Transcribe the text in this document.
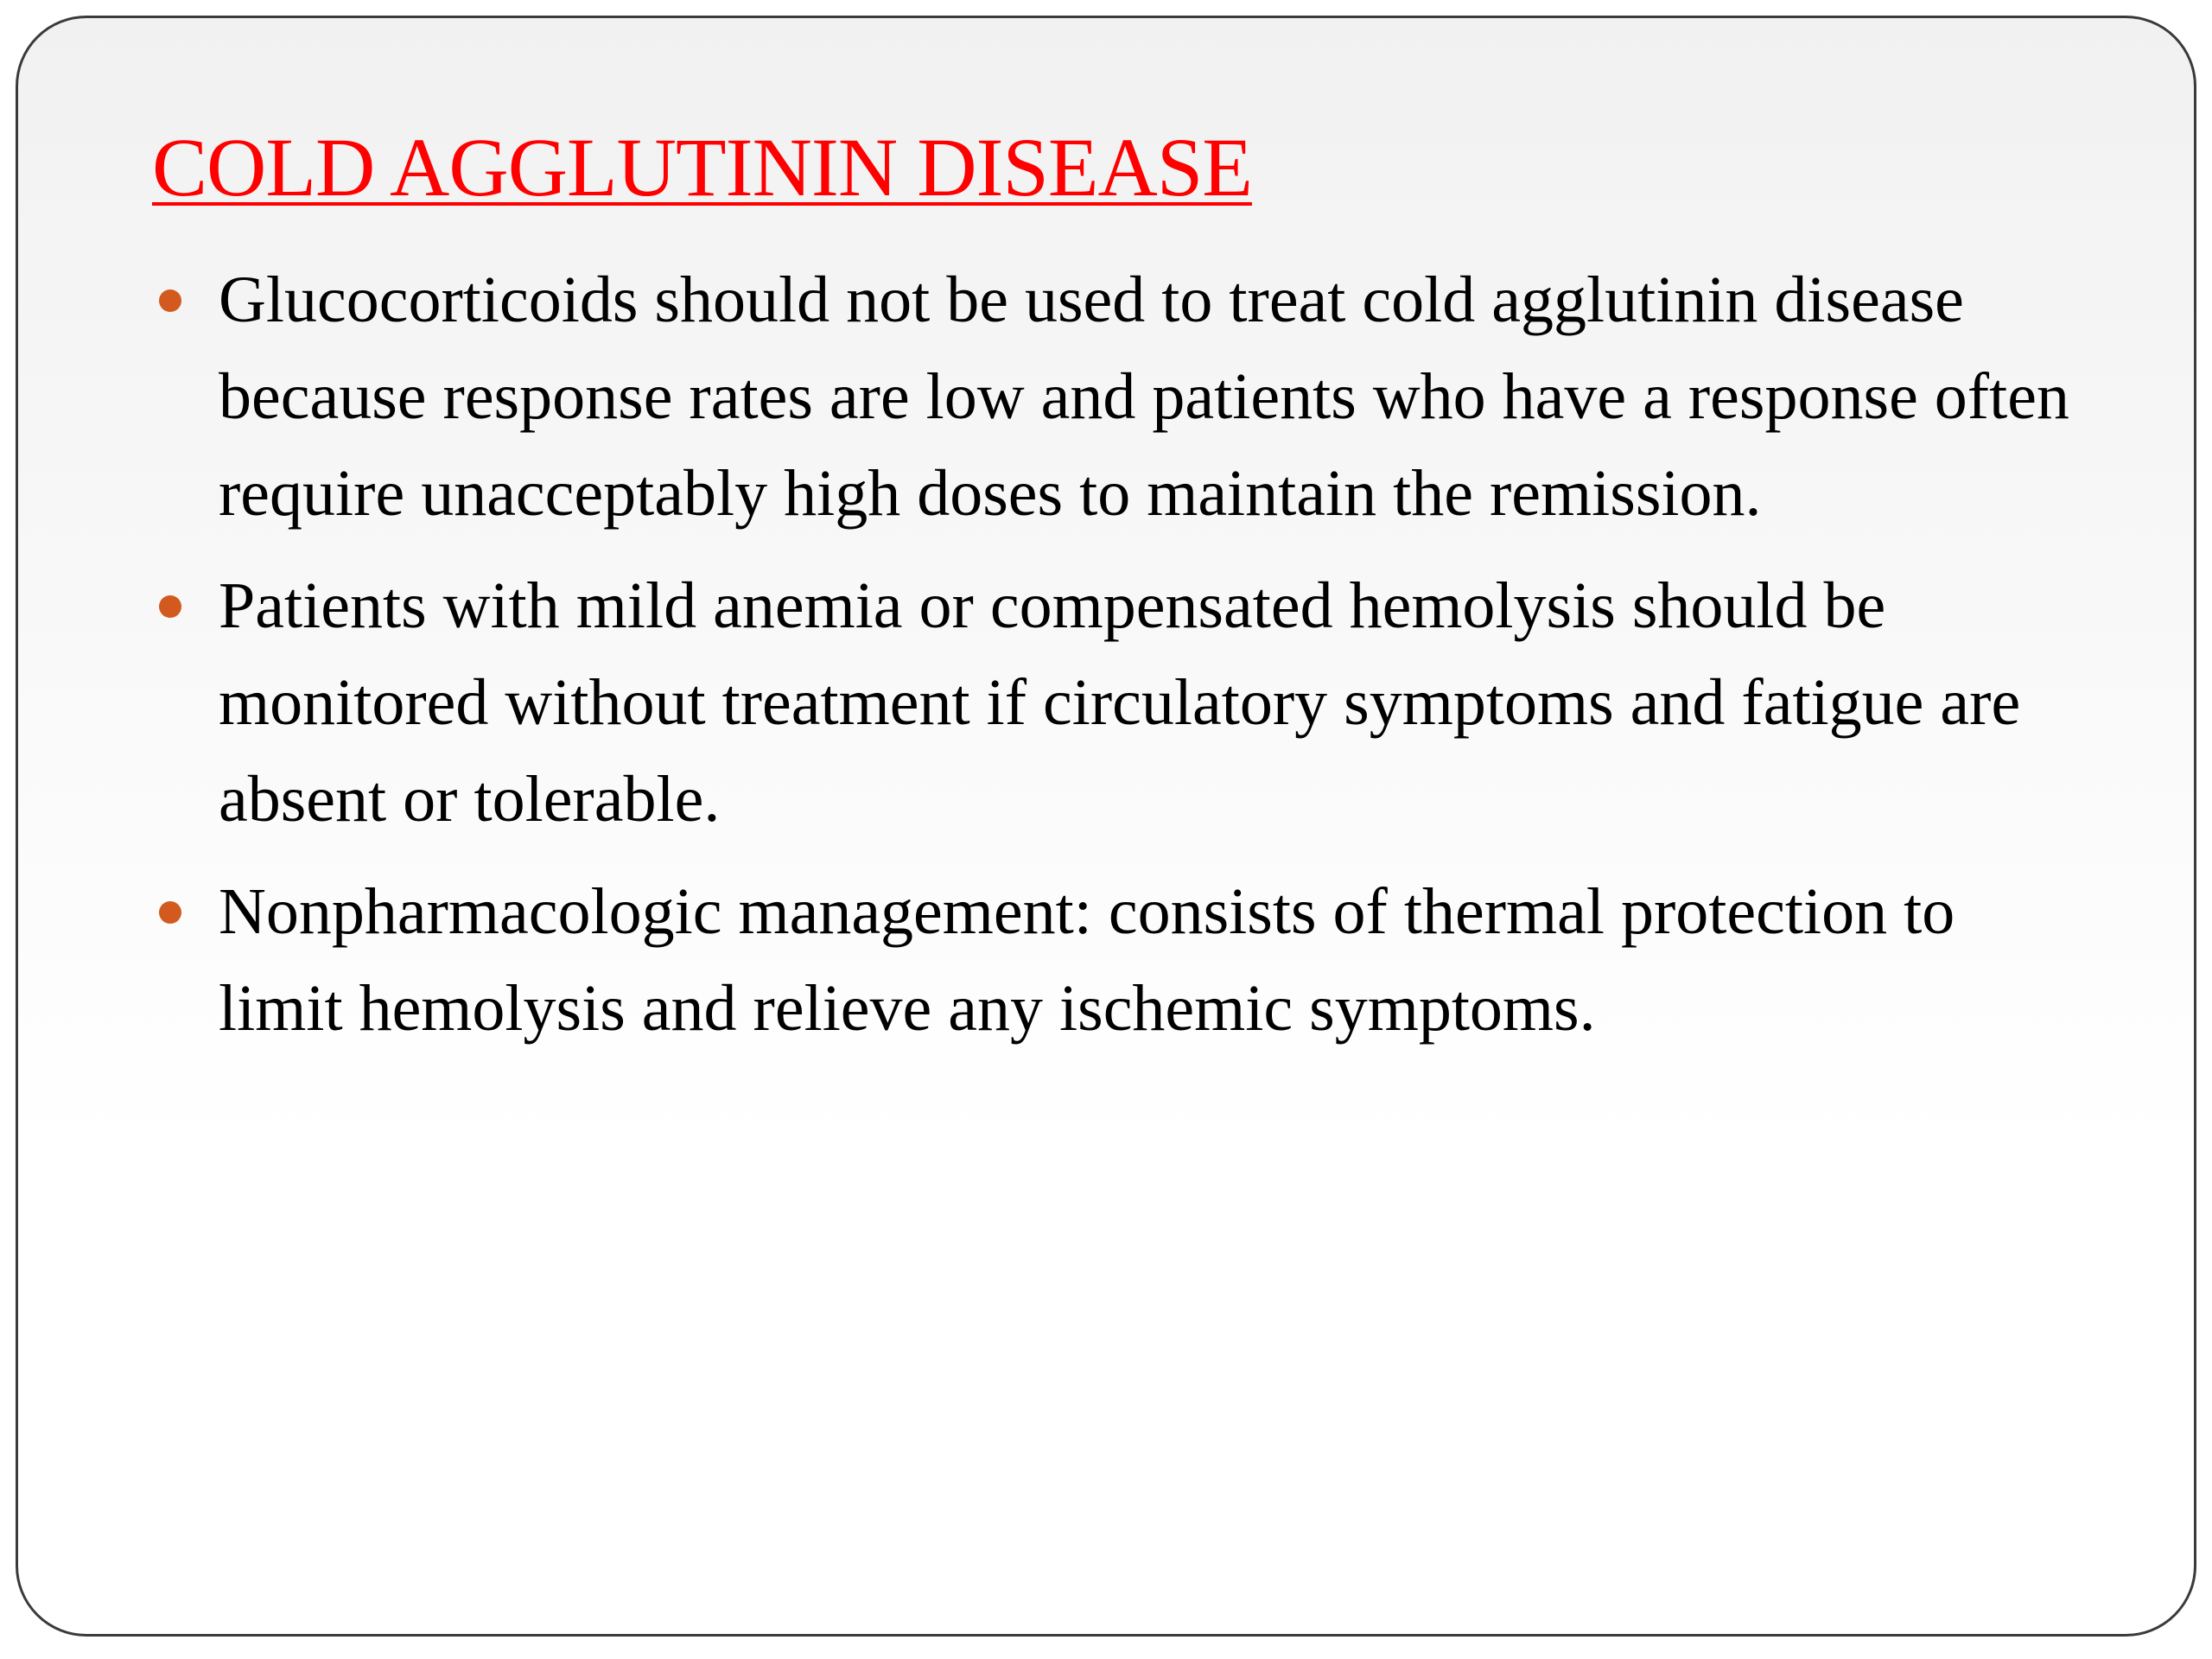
COLD AGGLUTININ DISEASE
Glucocorticoids should not be used to treat cold agglutinin disease because response rates are low and patients who have a response often require unacceptably high doses to maintain the remission.
Patients with mild anemia or compensated hemolysis should be monitored without treatment if circulatory symptoms and fatigue are absent or tolerable.
Nonpharmacologic management: consists of thermal protection to limit hemolysis and relieve any ischemic symptoms.
